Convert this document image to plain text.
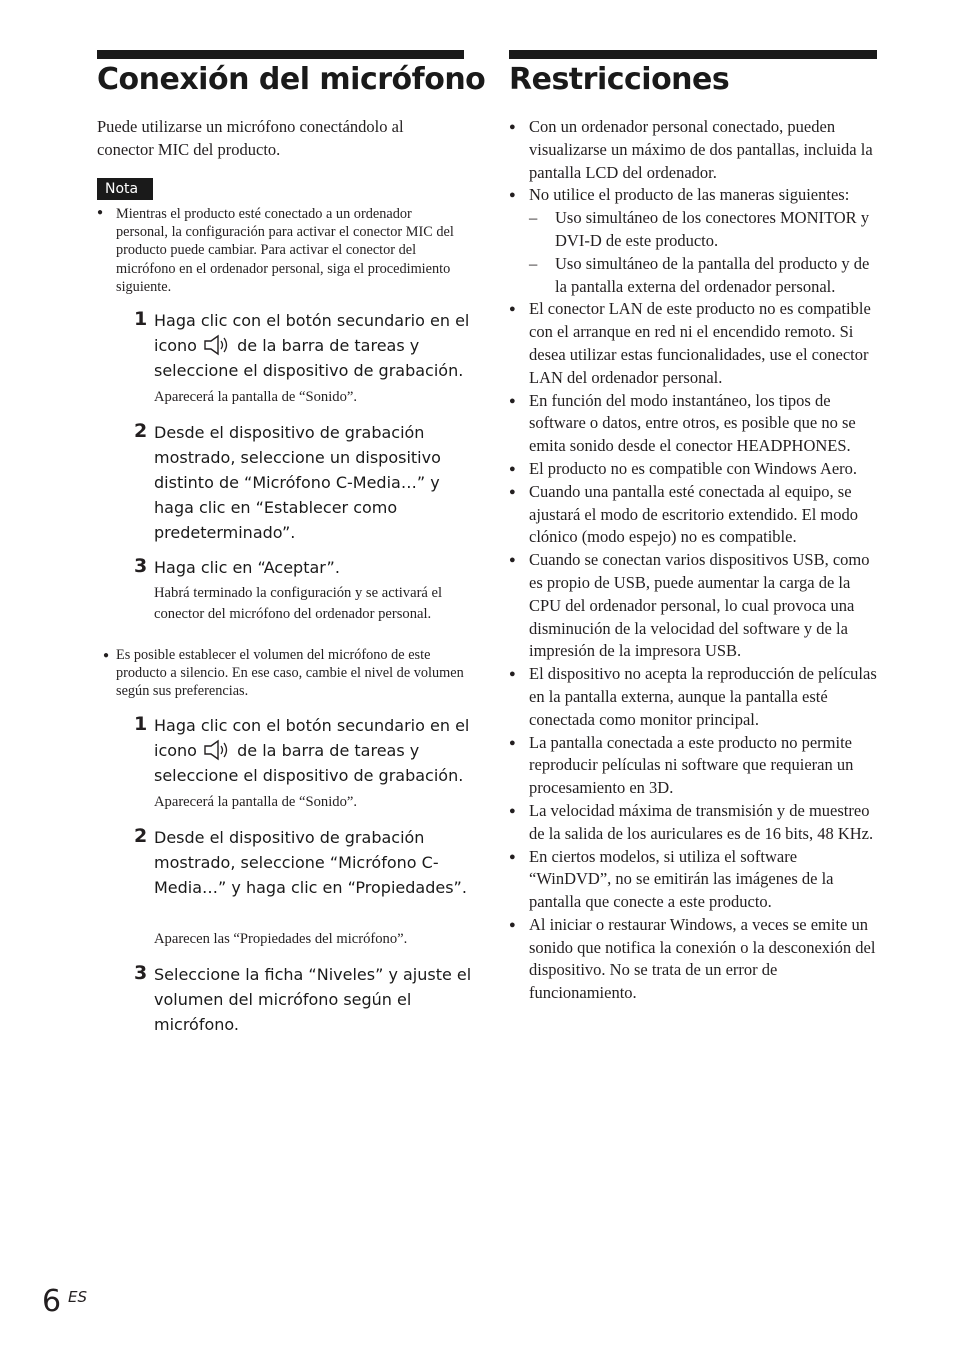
Conexión del micrófono
Puede utilizarse un micrófono conectándolo al conector MIC del producto.
Nota
● Mientras el producto esté conectado a un ordenador personal, la configuración para activar el conector MIC del producto puede cambiar. Para activar el conector del micrófono en el ordenador personal, siga el procedimiento siguiente.
1 Haga clic con el botón secundario en el icono  de la barra de tareas y seleccione el dispositivo de grabación.
Aparecerá la pantalla de “Sonido”.
2 Desde el dispositivo de grabación mostrado, seleccione un dispositivo distinto de “Micrófono C-Media…” y haga clic en “Establecer como predeterminado”.
3 Haga clic en “Aceptar”.
Habrá terminado la configuración y se activará el conector del micrófono del ordenador personal.
● Es posible establecer el volumen del micrófono de este producto a silencio. En ese caso, cambie el nivel de volumen según sus preferencias.
1 Haga clic con el botón secundario en el icono  de la barra de tareas y seleccione el dispositivo de grabación.
Aparecerá la pantalla de “Sonido”.
2 Desde el dispositivo de grabación mostrado, seleccione “Micrófono C-Media…” y haga clic en “Propiedades”.
Aparecen las “Propiedades del micrófono”.
3 Seleccione la ficha “Niveles” y ajuste el volumen del micrófono según el micrófono.
Restricciones
● Con un ordenador personal conectado, pueden visualizarse un máximo de dos pantallas, incluida la pantalla LCD del ordenador.
● No utilice el producto de las maneras siguientes:
– Uso simultáneo de los conectores MONITOR y DVI-D de este producto.
– Uso simultáneo de la pantalla del producto y de la pantalla externa del ordenador personal.
● El conector LAN de este producto no es compatible con el arranque en red ni el encendido remoto. Si desea utilizar estas funcionalidades, use el conector LAN del ordenador personal.
● En función del modo instantáneo, los tipos de software o datos, entre otros, es posible que no se emita sonido desde el conector HEADPHONES.
● El producto no es compatible con Windows Aero.
● Cuando una pantalla esté conectada al equipo, se ajustará el modo de escritorio extendido. El modo clónico (modo espejo) no es compatible.
● Cuando se conectan varios dispositivos USB, como es propio de USB, puede aumentar la carga de la CPU del ordenador personal, lo cual provoca una disminución de la velocidad del software y de la impresión de la impresora USB.
● El dispositivo no acepta la reproducción de películas en la pantalla externa, aunque la pantalla esté conectada como monitor principal.
● La pantalla conectada a este producto no permite reproducir películas ni software que requieran un procesamiento en 3D.
● La velocidad máxima de transmisión y de muestreo de la salida de los auriculares es de 16 bits, 48 KHz.
● En ciertos modelos, si utiliza el software “WinDVD”, no se emitirán las imágenes de la pantalla que conecte a este producto.
● Al iniciar o restaurar Windows, a veces se emite un sonido que notifica la conexión o la desconexión del dispositivo. No se trata de un error de funcionamiento.
6 ES
